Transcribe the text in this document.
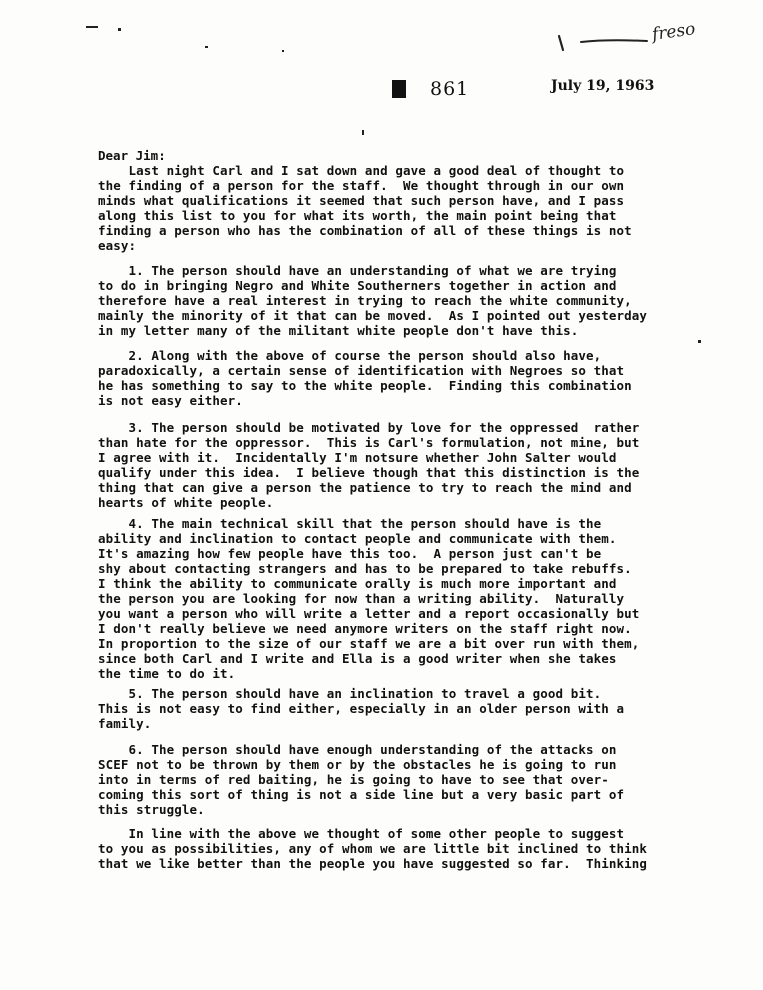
freso
861	July 19, 1963
Dear Jim:

Last night Carl and I sat down and gave a good deal of thought to
the finding of a person for the staff.  We thought through in our own
minds what qualifications it seemed that such person have, and I pass
along this list to you for what its worth, the main point being that
finding a person who has the combination of all of these things is not
easy:

1. The person should have an understanding of what we are trying
to do in bringing Negro and White Southerners together in action and
therefore have a real interest in trying to reach the white community,
mainly the minority of it that can be moved.  As I pointed out yesterday
in my letter many of the militant white people don't have this.

2. Along with the above of course the person should also have,
paradoxically, a certain sense of identification with Negroes so that
he has something to say to the white people.  Finding this combination
is not easy either.

3. The person should be motivated by love for the oppressed  rather
than hate for the oppressor.  This is Carl's formulation, not mine, but
I agree with it.  Incidentally I'm notsure whether John Salter would
qualify under this idea.  I believe though that this distinction is the
thing that can give a person the patience to try to reach the mind and
hearts of white people.

4. The main technical skill that the person should have is the
ability and inclination to contact people and communicate with them.
It's amazing how few people have this too.  A person just can't be
shy about contacting strangers and has to be prepared to take rebuffs.
I think the ability to communicate orally is much more important and
the person you are looking for now than a writing ability.  Naturally
you want a person who will write a letter and a report occasionally but
I don't really believe we need anymore writers on the staff right now.
In proportion to the size of our staff we are a bit over run with them,
since both Carl and I write and Ella is a good writer when she takes
the time to do it.

5. The person should have an inclination to travel a good bit.
This is not easy to find either, especially in an older person with a
family.

6. The person should have enough understanding of the attacks on
SCEF not to be thrown by them or by the obstacles he is going to run
into in terms of red baiting, he is going to have to see that over-
coming this sort of thing is not a side line but a very basic part of
this struggle.

In line with the above we thought of some other people to suggest
to you as possibilities, any of whom we are little bit inclined to think
that we like better than the people you have suggested so far.  Thinking
